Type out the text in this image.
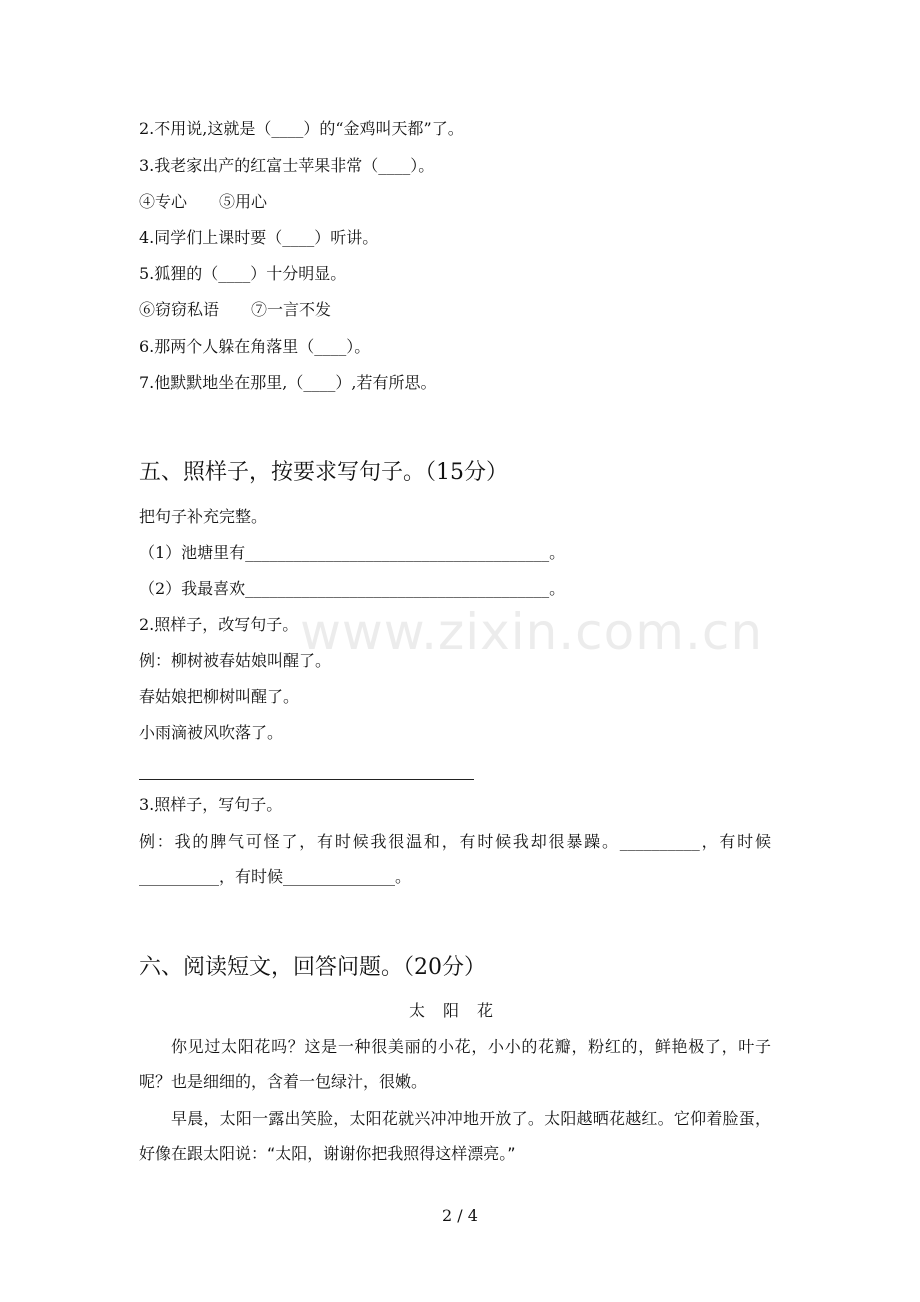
2.不用说,这就是（____）的“金鸡叫天都”了。
3.我老家出产的红富士苹果非常（____）。
④专心　　⑤用心
4.同学们上课时要（____）听讲。
5.狐狸的（____）十分明显。
⑥窃窃私语　　⑦一言不发
6.那两个人躲在角落里（____）。
7.他默默地坐在那里,（____）,若有所思。
五、照样子，按要求写句子。（15分）
把句子补充完整。
（1）池塘里有______________________________________。
（2）我最喜欢______________________________________。
2.照样子，改写句子。
例：柳树被春姑娘叫醒了。
春姑娘把柳树叫醒了。
小雨滴被风吹落了。
3.照样子，写句子。
例：我的脾气可怪了，有时候我很温和，有时候我却很暴躁。__________，有时候__________，有时候______________。
六、阅读短文，回答问题。（20分）
太阳花
你见过太阳花吗？这是一种很美丽的小花，小小的花瓣，粉红的，鲜艳极了，叶子呢？也是细细的，含着一包绿汁，很嫩。
早晨，太阳一露出笑脸，太阳花就兴冲冲地开放了。太阳越晒花越红。它仰着脸蛋，好像在跟太阳说：“太阳，谢谢你把我照得这样漂亮。”
www.zixin.com.cn
2 / 4
